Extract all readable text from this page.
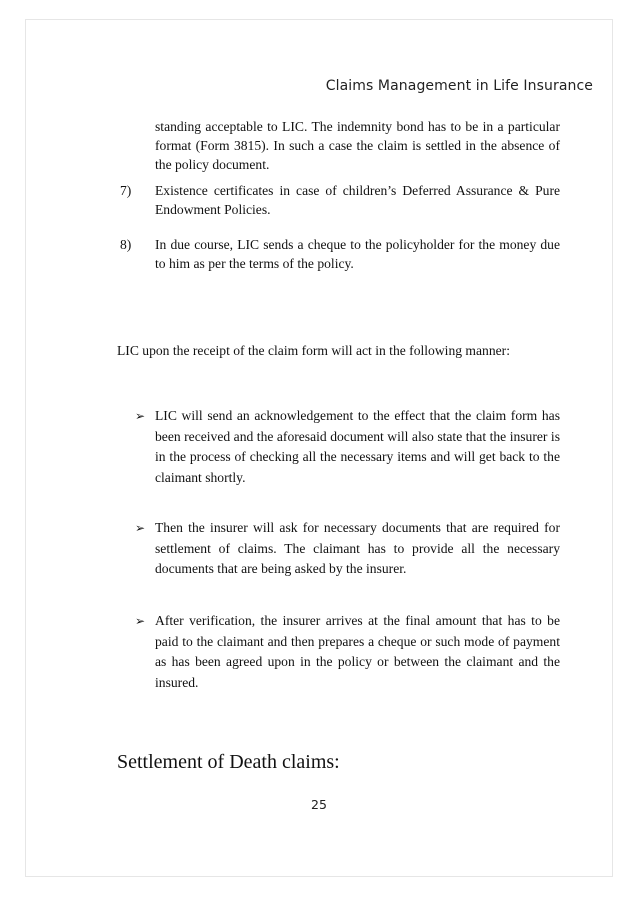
Claims Management in Life Insurance

standing acceptable to LIC. The indemnity bond has to be in a particular format (Form 3815). In such a case the claim is settled in the absence of the policy document.

7)	Existence certificates in case of children’s Deferred Assurance & Pure Endowment Policies.
8)	In due course, LIC sends a cheque to the policyholder for the money due to him as per the terms of the policy.

LIC upon the receipt of the claim form will act in the following manner:

➢ LIC will send an acknowledgement to the effect that the claim form has been received and the aforesaid document will also state that the insurer is in the process of checking all the necessary items and will get back to the claimant shortly.
➢ Then the insurer will ask for necessary documents that are required for settlement of claims. The claimant has to provide all the necessary documents that are being asked by the insurer.
➢ After verification, the insurer arrives at the final amount that has to be paid to the claimant and then prepares a cheque or such mode of payment as has been agreed upon in the policy or between the claimant and the insured.
Settlement of Death claims:
25
